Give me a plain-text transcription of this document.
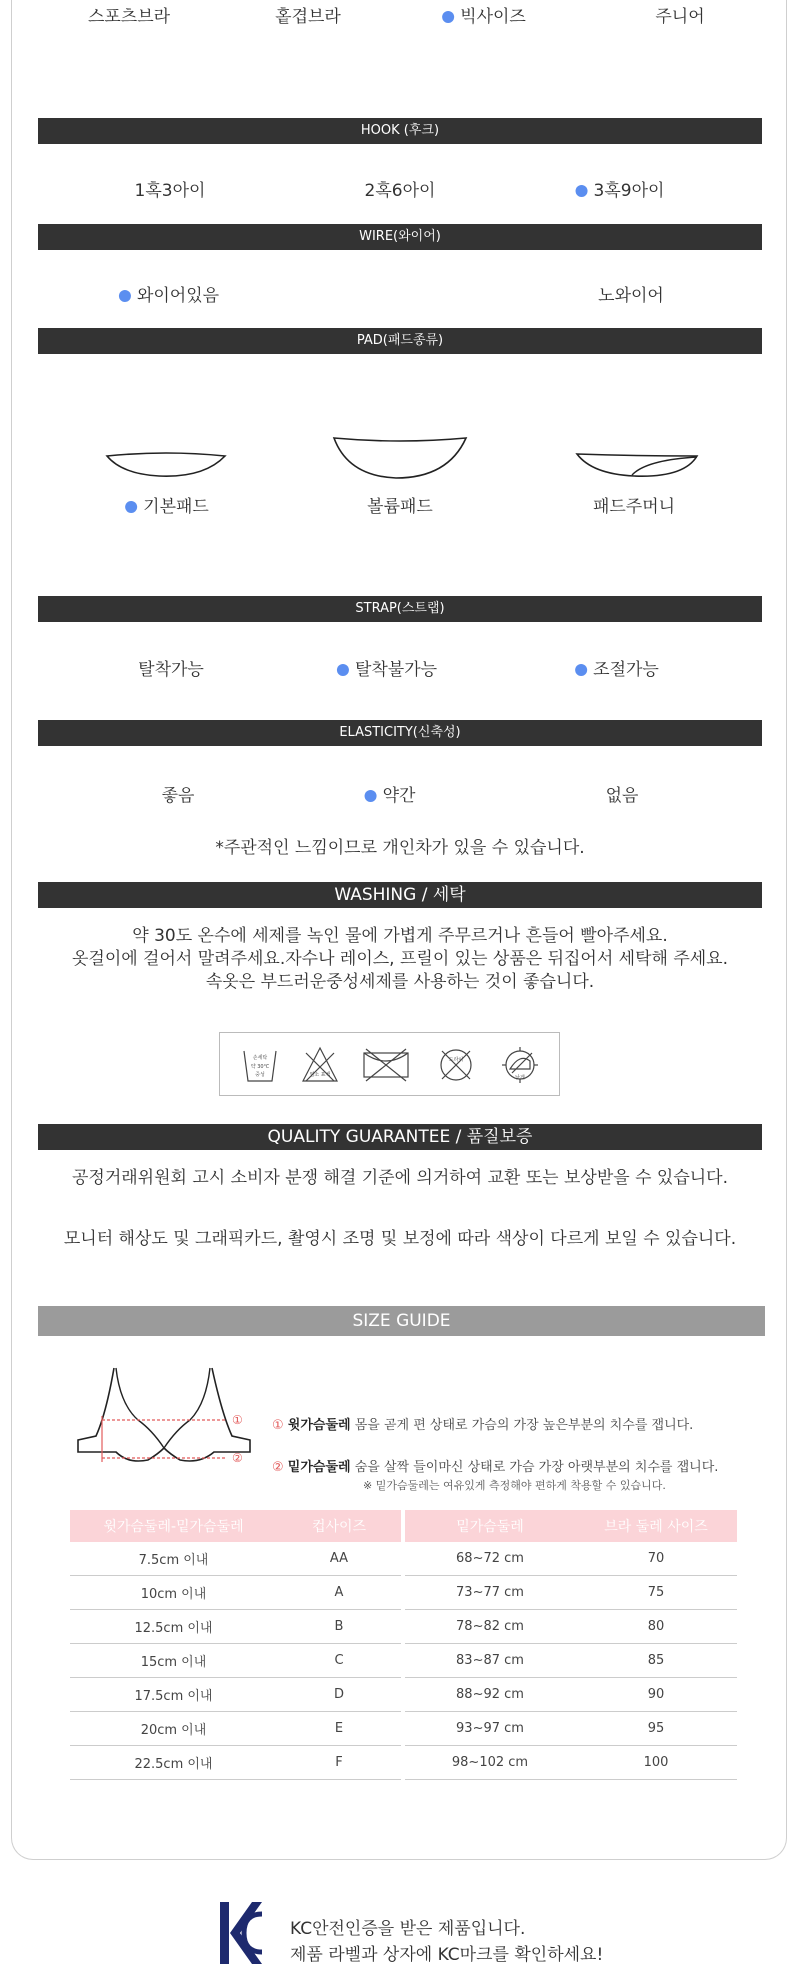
스포츠브라	홑겹브라	빅사이즈	주니어
HOOK (후크)
1혹3아이	2혹6아이	3혹9아이
WIRE(와이어)
와이어있음	노와이어
PAD(패드종류)
기본패드	볼륨패드	패드주머니
STRAP(스트랩)
탈착가능	탈착불가능	조절가능
ELASTICITY(신축성)
좋음	약간	없음
*주관적인 느낌이므로 개인차가 있을 수 있습니다.
WASHING / 세탁
약 30도 온수에 세제를 녹인 물에 가볍게 주무르거나 흔들어 빨아주세요.
옷걸이에 걸어서 말려주세요.자수나 레이스, 프릴이 있는 상품은 뒤집어서 세탁해 주세요.
속옷은 부드러운중성세제를 사용하는 것이 좋습니다.
손세탁
약 30℃
중성	염소 표백
드라이
낮게
QUALITY GUARANTEE / 품질보증
공정거래위원회 고시 소비자 분쟁 해결 기준에 의거하여 교환 또는 보상받을 수 있습니다.
모니터 해상도 및 그래픽카드, 촬영시 조명 및 보정에 따라 색상이 다르게 보일 수 있습니다.
SIZE GUIDE
①
②
① 윗가슴둘레 몸을 곧게 편 상태로 가슴의 가장 높은부분의 치수를 잽니다.
② 밑가슴둘레 숨을 살짝 들이마신 상태로 가슴 가장 아랫부분의 치수를 잽니다.
※ 밑가슴둘레는 여유있게 측정해야 편하게 착용할 수 있습니다.
윗가슴둘레-밑가슴둘레	컵사이즈
7.5cm 이내	AA
10cm 이내	A
12.5cm 이내	B
15cm 이내	C
17.5cm 이내	D
20cm 이내	E
22.5cm 이내	F
밑가슴둘레	브라 둘레 사이즈
68~72 cm	70
73~77 cm	75
78~82 cm	80
83~87 cm	85
88~92 cm	90
93~97 cm	95
98~102 cm	100
KC안전인증을 받은 제품입니다.
제품 라벨과 상자에 KC마크를 확인하세요!
